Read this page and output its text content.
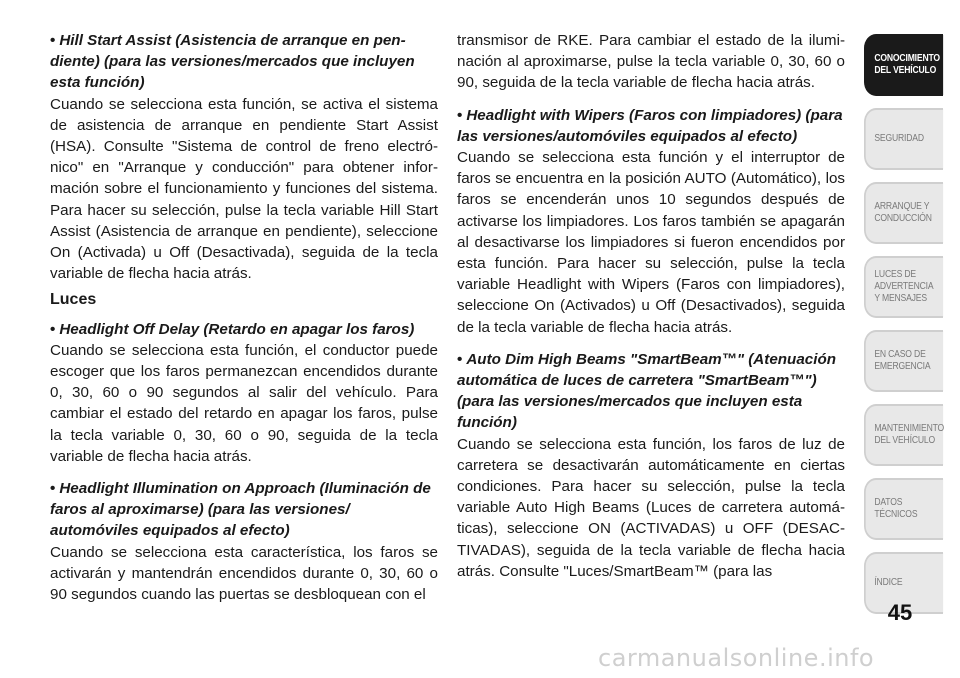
• Hill Start Assist (Asistencia de arranque en pendiente) (para las versiones/mercados que incluyen esta función)
Cuando se selecciona esta función, se activa el sistema de asistencia de arranque en pendiente Start Assist (HSA). Consulte "Sistema de control de freno electrónico" en "Arranque y conducción" para obtener información sobre el funcionamiento y funciones del sistema. Para hacer su selección, pulse la tecla variable Hill Start Assist (Asistencia de arranque en pendiente), seleccione On (Activada) u Off (Desactivada), seguida de la tecla variable de flecha hacia atrás.
Luces
• Headlight Off Delay (Retardo en apagar los faros)
Cuando se selecciona esta función, el conductor puede escoger que los faros permanezcan encendidos durante 0, 30, 60 o 90 segundos al salir del vehículo. Para cambiar el estado del retardo en apagar los faros, pulse la tecla variable 0, 30, 60 o 90, seguida de la tecla variable de flecha hacia atrás.
• Headlight Illumination on Approach (Iluminación de faros al aproximarse) (para las versiones/ automóviles equipados al efecto)
Cuando se selecciona esta característica, los faros se activarán y mantendrán encendidos durante 0, 30, 60 o 90 segundos cuando las puertas se desbloquean con el
transmisor de RKE. Para cambiar el estado de la iluminación al aproximarse, pulse la tecla variable 0, 30, 60 o 90, seguida de la tecla variable de flecha hacia atrás.
• Headlight with Wipers (Faros con limpiadores) (para las versiones/automóviles equipados al efecto)
Cuando se selecciona esta función y el interruptor de faros se encuentra en la posición AUTO (Automático), los faros se encenderán unos 10 segundos después de activarse los limpiadores. Los faros también se apagarán al desactivarse los limpiadores si fueron encendidos por esta función. Para hacer su selección, pulse la tecla variable Headlight with Wipers (Faros con limpiadores), seleccione On (Activados) u Off (Desactivados), seguida de la tecla variable de flecha hacia atrás.
• Auto Dim High Beams "SmartBeam™" (Atenuación automática de luces de carretera "SmartBeam™") (para las versiones/mercados que incluyen esta función)
Cuando se selecciona esta función, los faros de luz de carretera se desactivarán automáticamente en ciertas condiciones. Para hacer su selección, pulse la tecla variable Auto High Beams (Luces de carretera automáticas), seleccione ON (ACTIVADAS) u OFF (DESACTIVADAS), seguida de la tecla variable de flecha hacia atrás. Consulte "Luces/SmartBeam™ (para las
CONOCIMIENTO DEL VEHÍCULO
SEGURIDAD
ARRANQUE Y CONDUCCIÓN
LUCES DE ADVERTENCIA Y MENSAJES
EN CASO DE EMERGENCIA
MANTENIMIENTO DEL VEHÍCULO
DATOS TÉCNICOS
ÍNDICE
45
carmanualsonline.info
